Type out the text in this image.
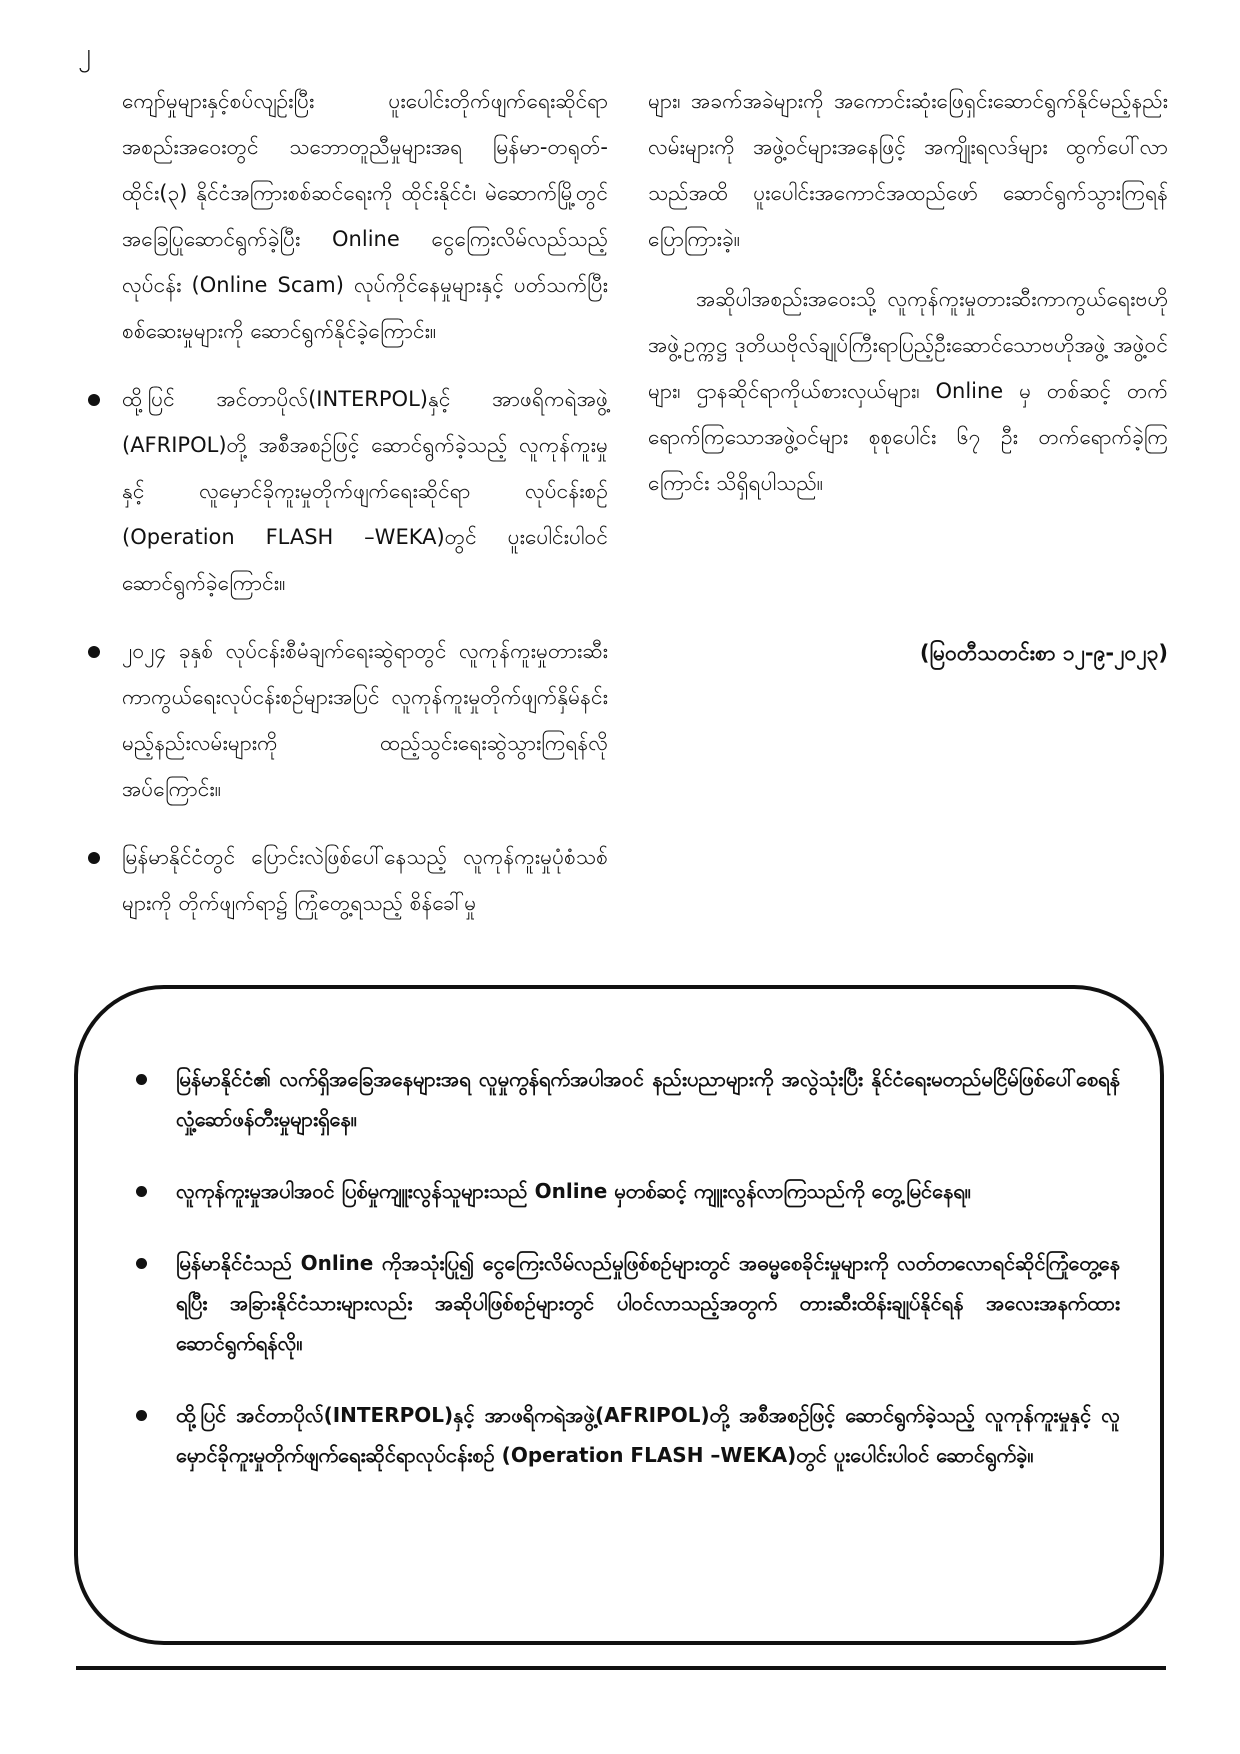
၂

ကျော်မှုများနှင့်စပ်လျဉ်းပြီး ပူးပေါင်းတိုက်ဖျက်ရေးဆိုင်ရာ အစည်းအဝေးတွင် သဘောတူညီမှုများအရ မြန်မာ-တရုတ်-ထိုင်း(၃) နိုင်ငံအကြားစစ်ဆင်ရေးကို ထိုင်းနိုင်ငံ၊ မဲဆောက်မြို့တွင် အခြေပြုဆောင်ရွက်ခဲ့ပြီး Online ငွေကြေးလိမ်လည်သည့်လုပ်ငန်း (Online Scam) လုပ်ကိုင်နေမှုများနှင့် ပတ်သက်ပြီး စစ်ဆေးမှုများကို ဆောင်ရွက်နိုင်ခဲ့ကြောင်း။

ထို့ပြင် အင်တာပိုလ်(INTERPOL)နှင့် အာဖရိကရဲအဖွဲ့ (AFRIPOL)တို့ အစီအစဉ်ဖြင့် ဆောင်ရွက်ခဲ့သည့် လူကုန်ကူးမှုနှင့် လူမှောင်ခိုကူးမှုတိုက်ဖျက်ရေးဆိုင်ရာ လုပ်ငန်းစဉ် (Operation FLASH –WEKA)တွင် ပူးပေါင်းပါဝင်ဆောင်ရွက်ခဲ့ကြောင်း။
၂၀၂၄ ခုနှစ် လုပ်ငန်းစီမံချက်ရေးဆွဲရာတွင် လူကုန်ကူးမှုတားဆီးကာကွယ်ရေးလုပ်ငန်းစဉ်များအပြင် လူကုန်ကူးမှုတိုက်ဖျက်နှိမ်နင်းမည့်နည်းလမ်းများကို ထည့်သွင်းရေးဆွဲသွားကြရန်လိုအပ်ကြောင်း။
မြန်မာနိုင်ငံတွင် ပြောင်းလဲဖြစ်ပေါ်နေသည့် လူကုန်ကူးမှုပုံစံသစ်များကို တိုက်ဖျက်ရာ၌ ကြုံတွေ့ရသည့် စိန်ခေါ်မှု

များ၊ အခက်အခဲများကို အကောင်းဆုံးဖြေရှင်းဆောင်ရွက်နိုင်မည့်နည်းလမ်းများကို အဖွဲ့ဝင်များအနေဖြင့် အကျိုးရလဒ်များ ထွက်ပေါ်လာသည်အထိ ပူးပေါင်းအကောင်အထည်ဖော် ဆောင်ရွက်သွားကြရန် ပြောကြားခဲ့။

အဆိုပါအစည်းအဝေးသို့ လူကုန်ကူးမှုတားဆီးကာကွယ်ရေးဗဟိုအဖွဲ့ဥက္ကဋ္ဌ ဒုတိယဗိုလ်ချုပ်ကြီးရာပြည့်ဦးဆောင်သောဗဟိုအဖွဲ့ အဖွဲ့ဝင်များ၊ ဌာနဆိုင်ရာကိုယ်စားလှယ်များ၊ Online မှ တစ်ဆင့် တက်ရောက်ကြသောအဖွဲ့ဝင်များ စုစုပေါင်း ၆၇ ဦး တက်ရောက်ခဲ့ကြကြောင်း သိရှိရပါသည်။

(မြဝတီသတင်းစာ ၁၂-၉-၂၀၂၃)
မြန်မာနိုင်ငံ၏ လက်ရှိအခြေအနေများအရ လူမှုကွန်ရက်အပါအဝင် နည်းပညာများကို အလွဲသုံးပြီး နိုင်ငံရေးမတည်မငြိမ်ဖြစ်ပေါ်စေရန် လှုံ့ဆော်ဖန်တီးမှုများရှိနေ။
လူကုန်ကူးမှုအပါအဝင် ပြစ်မှုကျူးလွန်သူများသည် Online မှတစ်ဆင့် ကျူးလွန်လာကြသည်ကို တွေ့မြင်နေရ။
မြန်မာနိုင်ငံသည် Online ကိုအသုံးပြု၍ ငွေကြေးလိမ်လည်မှုဖြစ်စဉ်များတွင် အဓမ္မစေခိုင်းမှုများကို လတ်တလောရင်ဆိုင်ကြုံတွေ့နေရပြီး အခြားနိုင်ငံသားများလည်း အဆိုပါဖြစ်စဉ်များတွင် ပါဝင်လာသည့်အတွက် တားဆီးထိန်းချုပ်နိုင်ရန် အလေးအနက်ထား ဆောင်ရွက်ရန်လို။
ထို့ပြင် အင်တာပိုလ်(INTERPOL)နှင့် အာဖရိကရဲအဖွဲ့(AFRIPOL)တို့ အစီအစဉ်ဖြင့် ဆောင်ရွက်ခဲ့သည့် လူကုန်ကူးမှုနှင့် လူမှောင်ခိုကူးမှုတိုက်ဖျက်ရေးဆိုင်ရာလုပ်ငန်းစဉ် (Operation FLASH –WEKA)တွင် ပူးပေါင်းပါဝင် ဆောင်ရွက်ခဲ့။
